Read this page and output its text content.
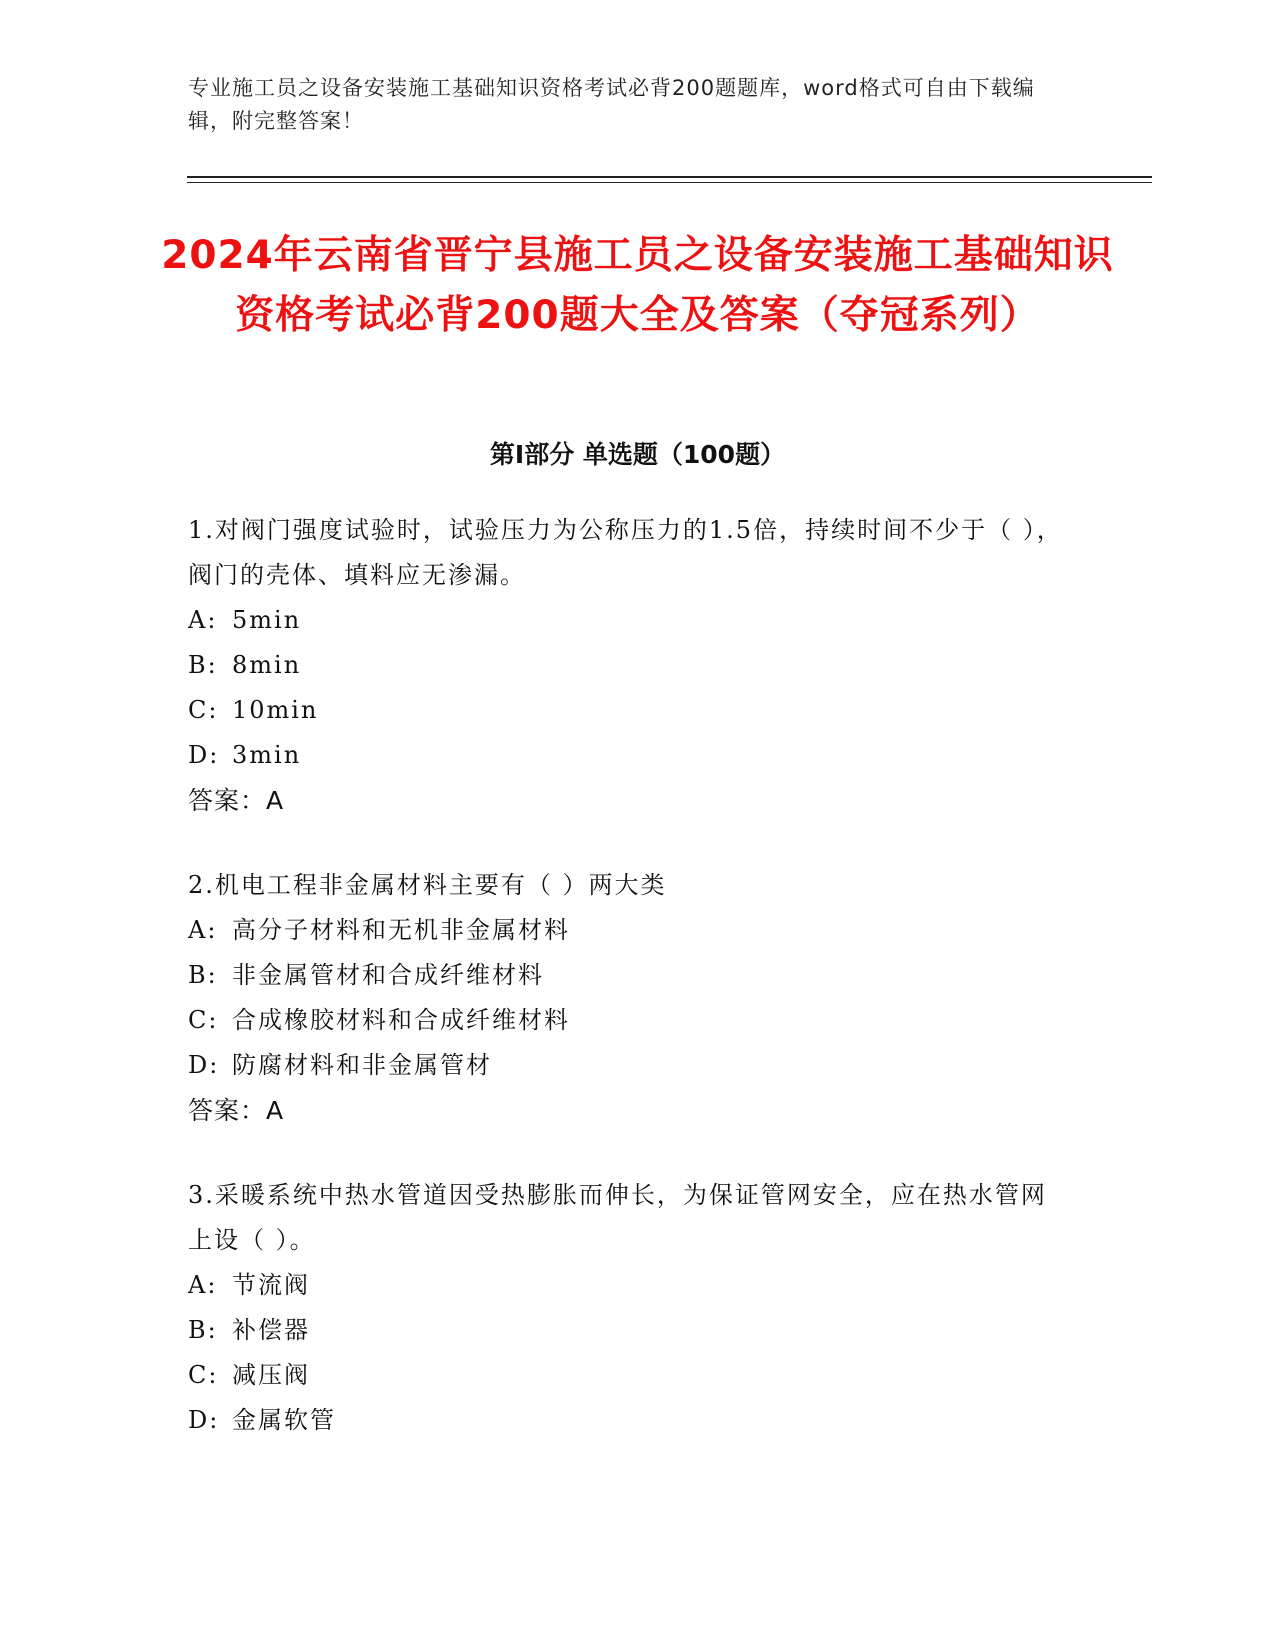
专业施工员之设备安装施工基础知识资格考试必背200题题库，word格式可自由下载编辑，附完整答案！
2024年云南省晋宁县施工员之设备安装施工基础知识资格考试必背200题大全及答案（夺冠系列）
第I部分 单选题（100题）

1.对阀门强度试验时，试验压力为公称压力的1.5倍，持续时间不少于（ ），阀门的壳体、填料应无渗漏。

A: 5min

B: 8min

C: 10min

D: 3min

答案：A

2.机电工程非金属材料主要有（ ）两大类

A: 高分子材料和无机非金属材料

B: 非金属管材和合成纤维材料

C: 合成橡胶材料和合成纤维材料

D: 防腐材料和非金属管材

答案：A

3.采暖系统中热水管道因受热膨胀而伸长，为保证管网安全，应在热水管网上设（ ）。

A: 节流阀

B: 补偿器

C: 减压阀

D: 金属软管
